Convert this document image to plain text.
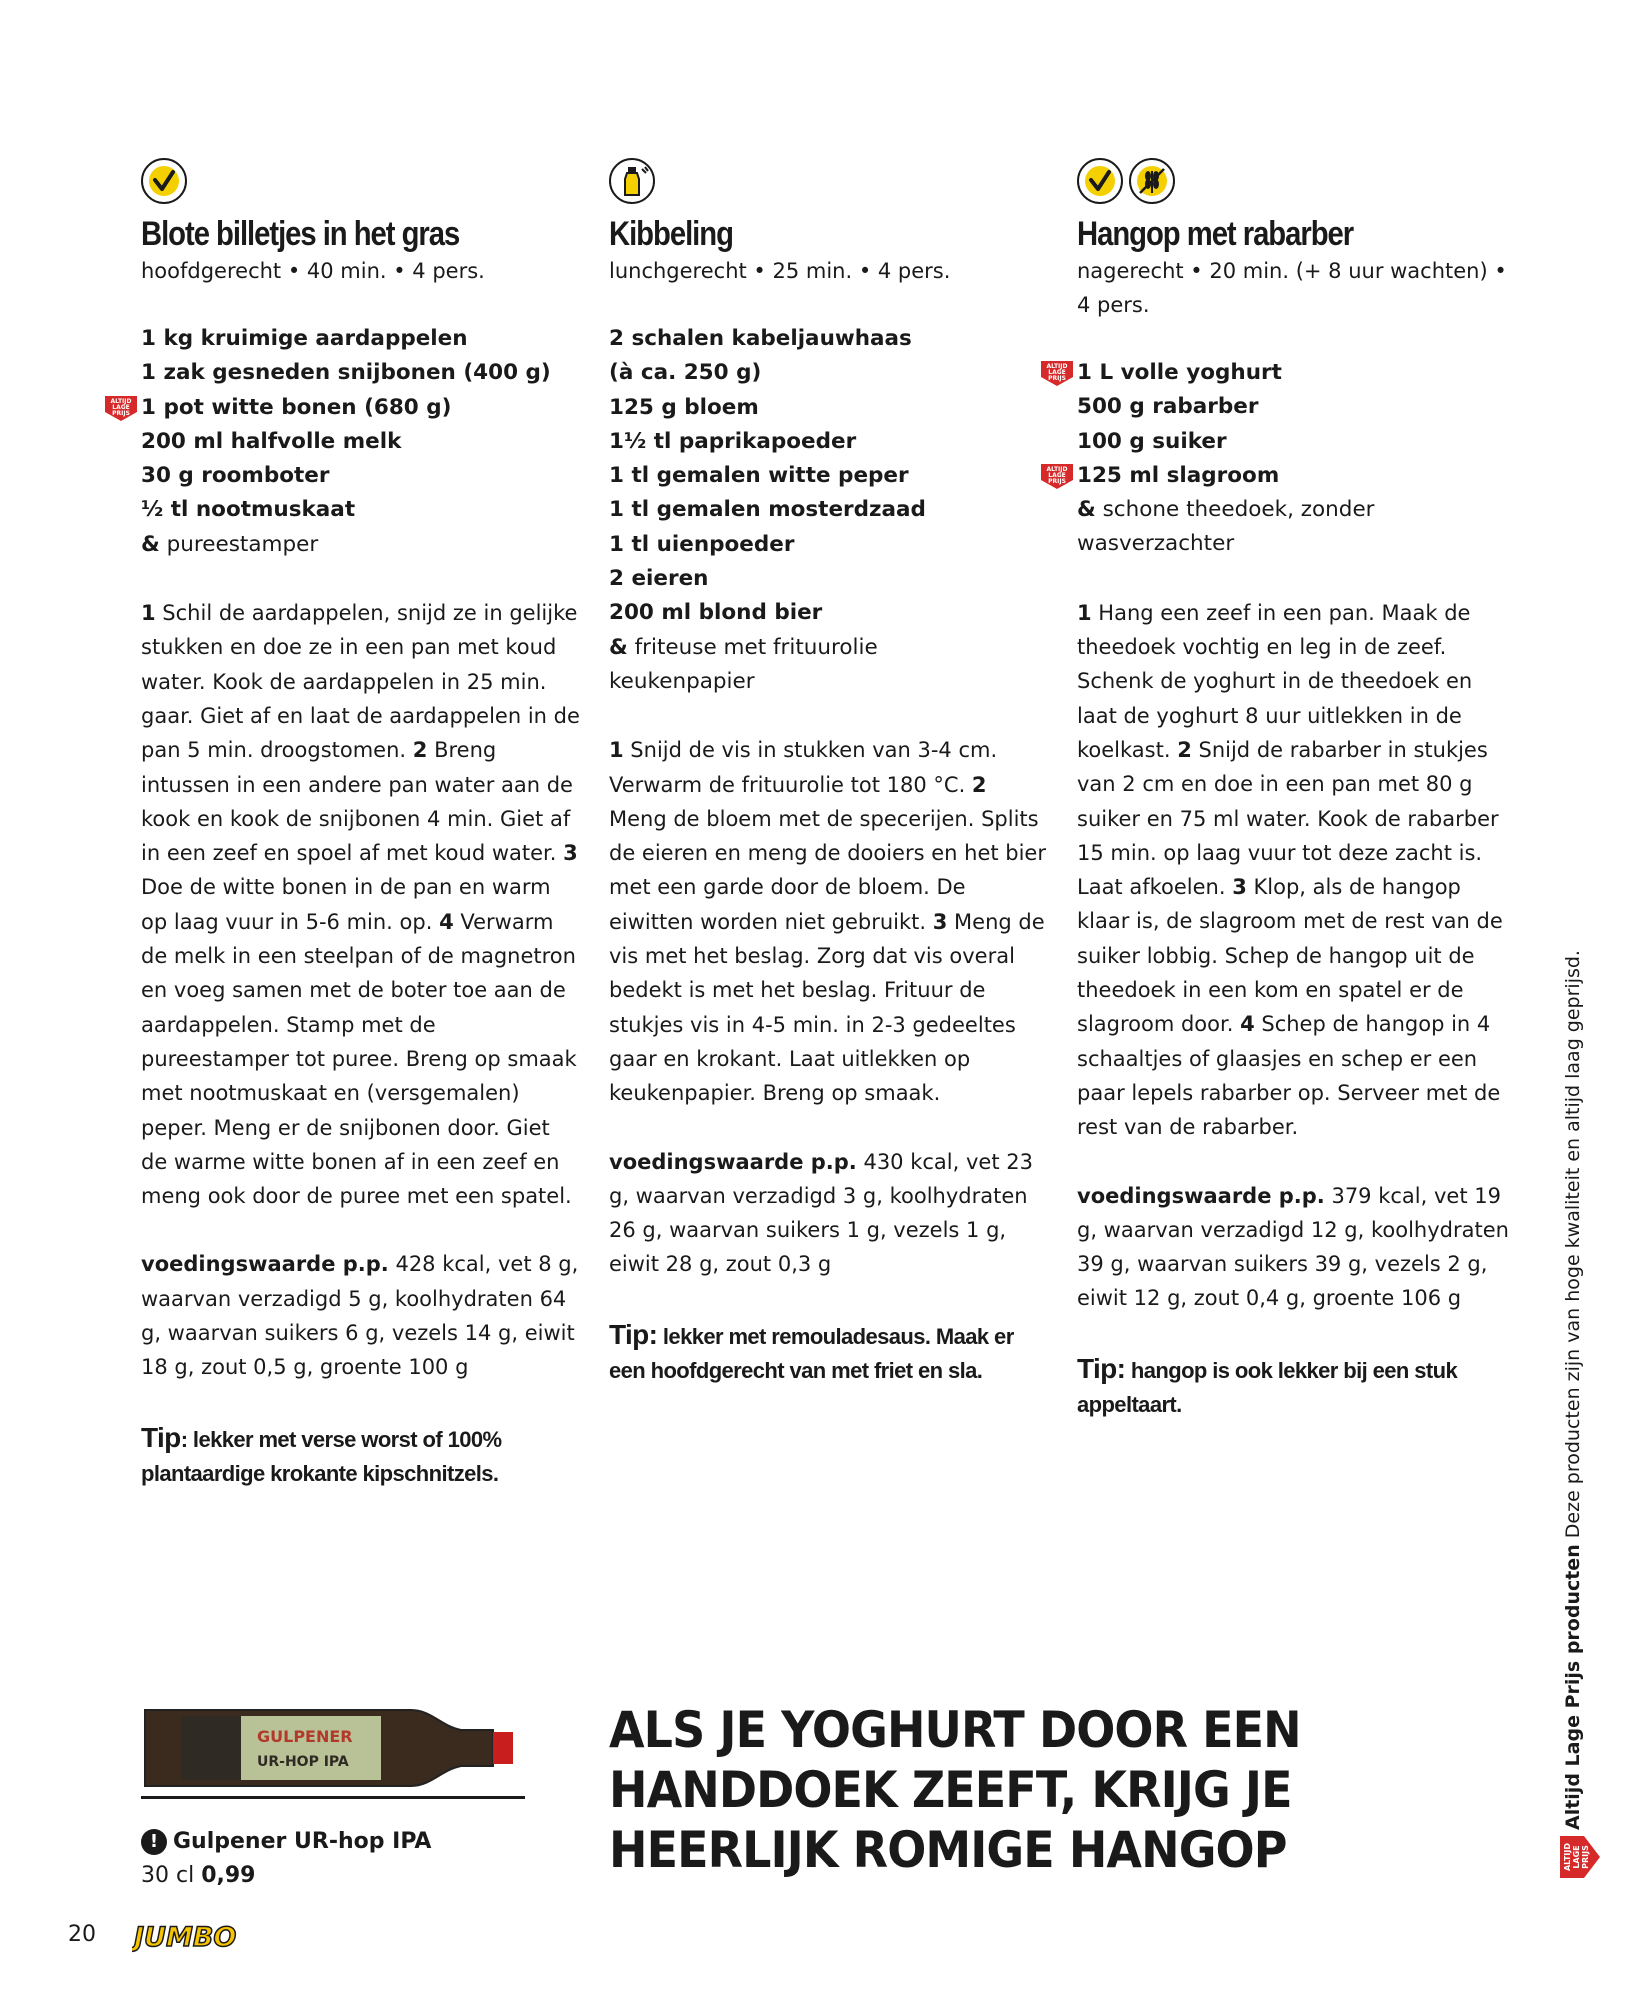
Blote billetjes in het gras

hoofdgerecht • 40 min. • 4 pers.

1 kg kruimige aardappelen
1 zak gesneden snijbonen (400 g)
ALTIJD
LAGE
PRIJS 1 pot witte bonen (680 g)
200 ml halfvolle melk
30 g roomboter
½ tl nootmuskaat
& pureestamper
1 Schil de aardappelen, snijd ze in gelijke stukken en doe ze in een pan met koud water. Kook de aardappelen in 25 min. gaar. Giet af en laat de aardappelen in de pan 5 min. droogstomen. 2 Breng intussen in een andere pan water aan de kook en kook de snijbonen 4 min. Giet af in een zeef en spoel af met koud water. 3 Doe de witte bonen in de pan en warm op laag vuur in 5-6 min. op. 4 Verwarm de melk in een steelpan of de magnetron en voeg samen met de boter toe aan de aardappelen. Stamp met de pureestamper tot puree. Breng op smaak met nootmuskaat en (versgemalen) peper. Meng er de snijbonen door. Giet de warme witte bonen af in een zeef en meng ook door de puree met een spatel.
voedingswaarde p.p. 428 kcal, vet 8 g, waarvan verzadigd 5 g, koolhydraten 64 g, waarvan suikers 6 g, vezels 14 g, eiwit 18 g, zout 0,5 g, groente 100 g
Tip: lekker met verse worst of 100% plantaardige krokante kipschnitzels.
Kibbeling

lunchgerecht • 25 min. • 4 pers.

2 schalen kabeljauwhaas
(à ca. 250 g)
125 g bloem
1½ tl paprikapoeder
1 tl gemalen witte peper
1 tl gemalen mosterdzaad
1 tl uienpoeder
2 eieren
200 ml blond bier
& friteuse met frituurolie
keukenpapier
1 Snijd de vis in stukken van 3-4 cm. Verwarm de frituurolie tot 180 °C. 2 Meng de bloem met de specerijen. Splits de eieren en meng de dooiers en het bier met een garde door de bloem. De eiwitten worden niet gebruikt. 3 Meng de vis met het beslag. Zorg dat vis overal bedekt is met het beslag. Frituur de stukjes vis in 4-5 min. in 2-3 gedeeltes gaar en krokant. Laat uitlekken op keukenpapier. Breng op smaak.
voedingswaarde p.p. 430 kcal, vet 23 g, waarvan verzadigd 3 g, koolhydraten 26 g, waarvan suikers 1 g, vezels 1 g, eiwit 28 g, zout 0,3 g
Tip: lekker met remouladesaus. Maak er een hoofdgerecht van met friet en sla.
Hangop met rabarber

nagerecht • 20 min. (+ 8 uur wachten) • 4 pers.

ALTIJD
LAGE
PRIJS 1 L volle yoghurt
500 g rabarber
100 g suiker
ALTIJD
LAGE
PRIJS 125 ml slagroom
& schone theedoek, zonder
wasverzachter
1 Hang een zeef in een pan. Maak de theedoek vochtig en leg in de zeef. Schenk de yoghurt in de theedoek en laat de yoghurt 8 uur uitlekken in de koelkast. 2 Snijd de rabarber in stukjes van 2 cm en doe in een pan met 80 g suiker en 75 ml water. Kook de rabarber 15 min. op laag vuur tot deze zacht is. Laat afkoelen. 3 Klop, als de hangop klaar is, de slagroom met de rest van de suiker lobbig. Schep de hangop uit de theedoek in een kom en spatel er de slagroom door. 4 Schep de hangop in 4 schaaltjes of glaasjes en schep er een paar lepels rabarber op. Serveer met de rest van de rabarber.
voedingswaarde p.p. 379 kcal, vet 19 g, waarvan verzadigd 12 g, koolhydraten 39 g, waarvan suikers 39 g, vezels 2 g, eiwit 12 g, zout 0,4 g, groente 106 g
Tip: hangop is ook lekker bij een stuk appeltaart.
GULPENER
UR-HOP IPA
! Gulpener UR-hop IPA
30 cl 0,99
ALS JE YOGHURT DOOR EEN HANDDOEK ZEEFT, KRIJG JE HEERLIJK ROMIGE HANGOP
Altijd Lage Prijs producten Deze producten zijn van hoge kwaliteit en altijd laag geprijsd.
ALTIJD LAGE PRIJS
20 JUMBO
